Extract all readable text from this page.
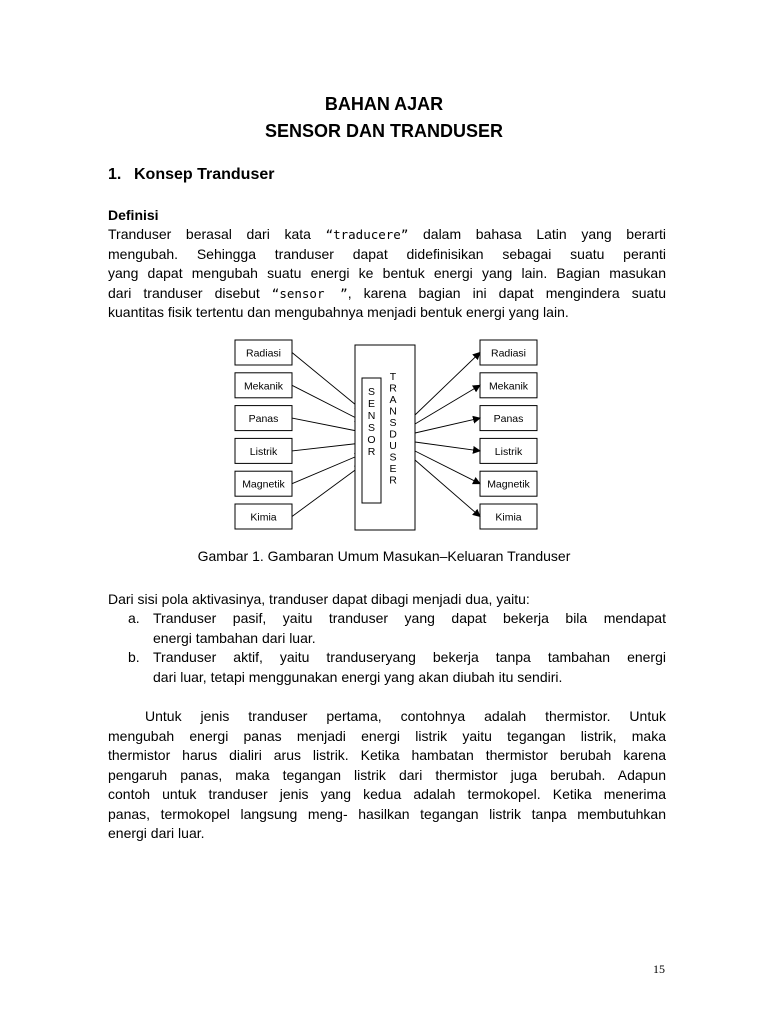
BAHAN AJAR
SENSOR DAN TRANDUSER
1. Konsep Tranduser
Definisi
Tranduser berasal dari kata “traducere” dalam bahasa Latin yang berarti
mengubah. Sehingga tranduser dapat didefinisikan sebagai suatu peranti
yang dapat mengubah suatu energi ke bentuk energi yang lain. Bagian masukan
dari tranduser disebut “sensor ”, karena bagian ini dapat mengindera suatu
kuantitas fisik tertentu dan mengubahnya menjadi bentuk energi yang lain.
Radiasi
Mekanik
Panas
Listrik
Magnetik
Kimia
Radiasi
Mekanik
Panas
Listrik
Magnetik
Kimia
S
E
N
S
O
R
T
R
A
N
S
D
U
S
E
R
Gambar 1. Gambaran Umum Masukan–Keluaran Tranduser
Dari sisi pola aktivasinya, tranduser dapat dibagi menjadi dua, yaitu:
a. Tranduser pasif, yaitu tranduser yang dapat bekerja bila mendapat
energi tambahan dari luar.
b. Tranduser aktif, yaitu tranduseryang bekerja tanpa tambahan energi
dari luar, tetapi menggunakan energi yang akan diubah itu sendiri.
Untuk jenis tranduser pertama, contohnya adalah thermistor. Untuk
mengubah energi panas menjadi energi listrik yaitu tegangan listrik, maka
thermistor harus dialiri arus listrik. Ketika hambatan thermistor berubah karena
pengaruh panas, maka tegangan listrik dari thermistor juga berubah. Adapun
contoh untuk tranduser jenis yang kedua adalah termokopel. Ketika menerima
panas, termokopel langsung meng- hasilkan tegangan listrik tanpa membutuhkan
energi dari luar.
15
